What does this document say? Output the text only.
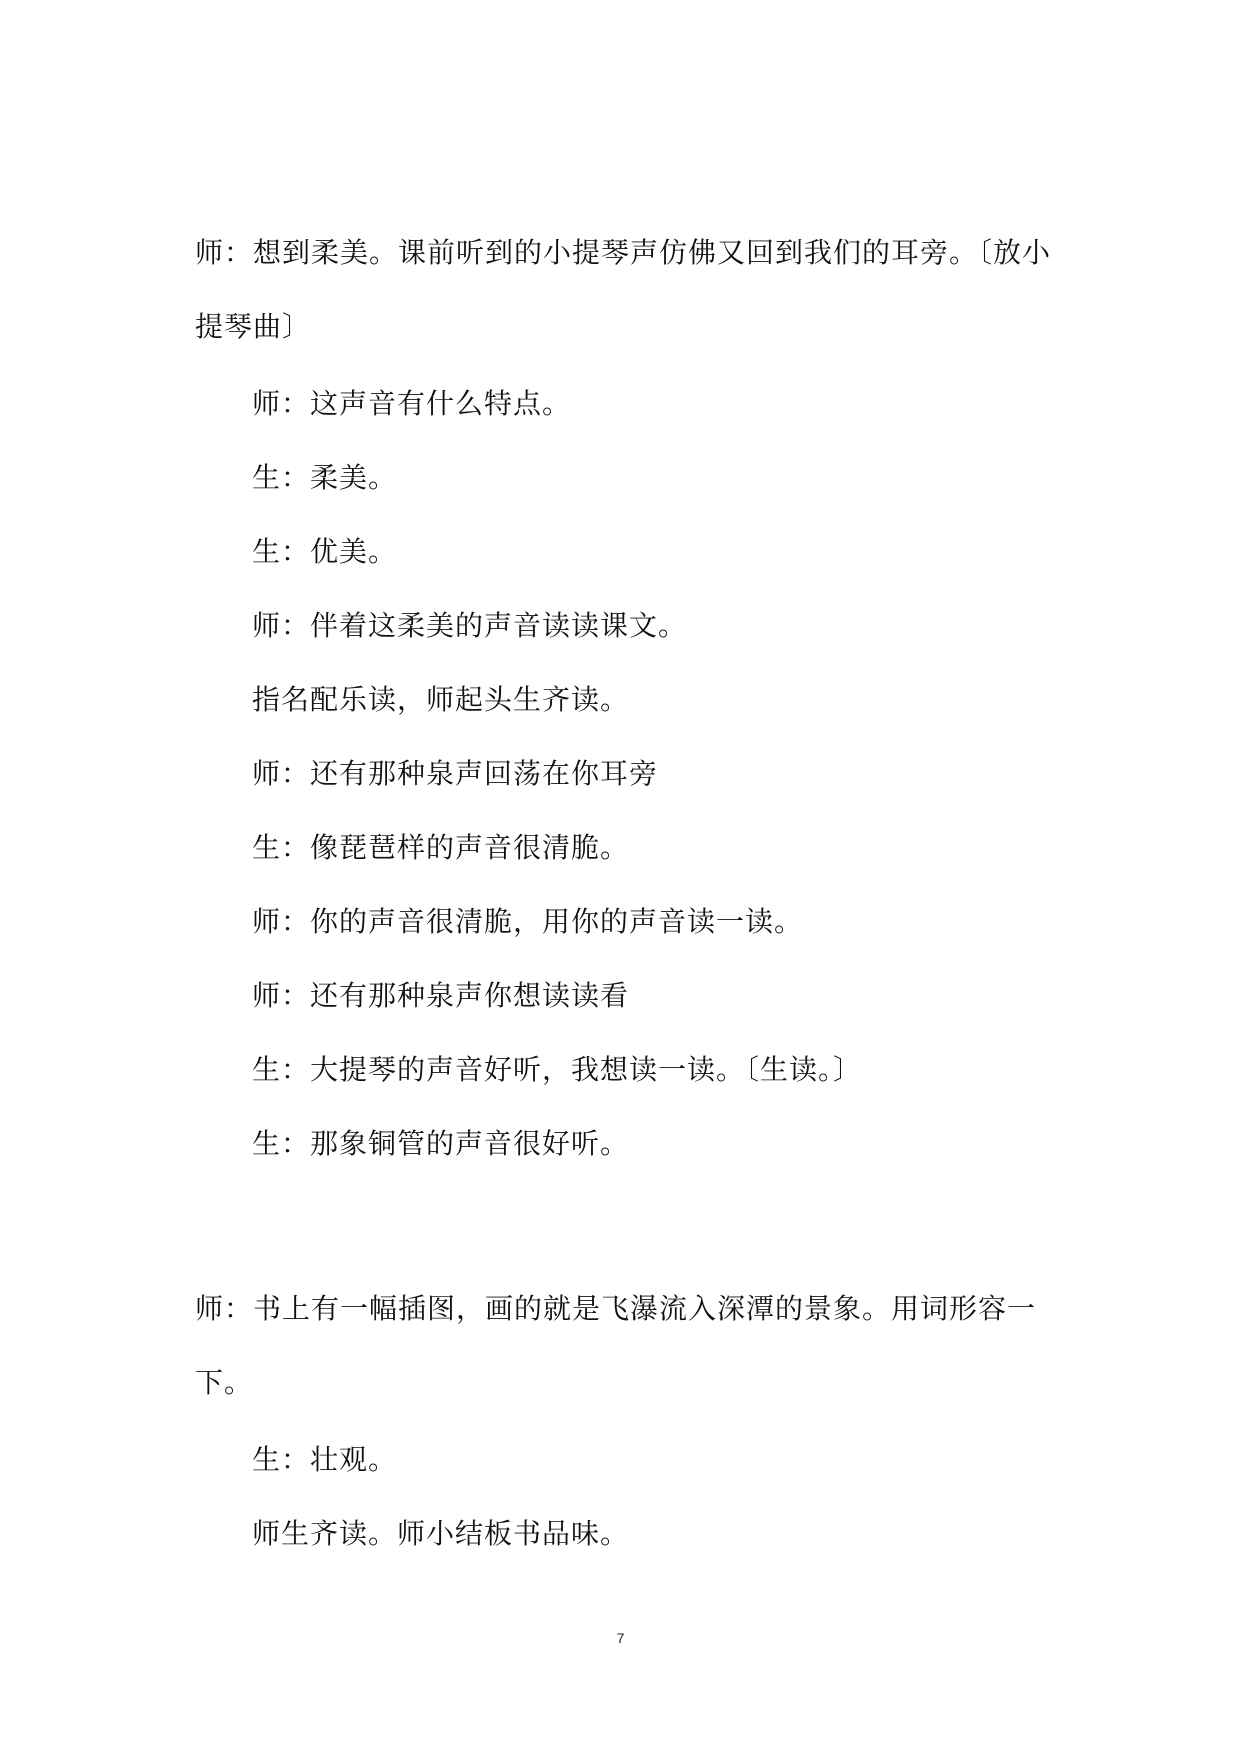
师：想到柔美。课前听到的小提琴声仿佛又回到我们的耳旁。〔放小提琴曲〕

师：这声音有什么特点。

生：柔美。

生：优美。

师：伴着这柔美的声音读读课文。

指名配乐读，师起头生齐读。

师：还有那种泉声回荡在你耳旁

生：像琵琶样的声音很清脆。

师：你的声音很清脆，用你的声音读一读。

师：还有那种泉声你想读读看

生：大提琴的声音好听，我想读一读。〔生读。〕

生：那象铜管的声音很好听。

师：书上有一幅插图，画的就是飞瀑流入深潭的景象。用词形容一下。

生：壮观。

师生齐读。师小结板书品味。

7
